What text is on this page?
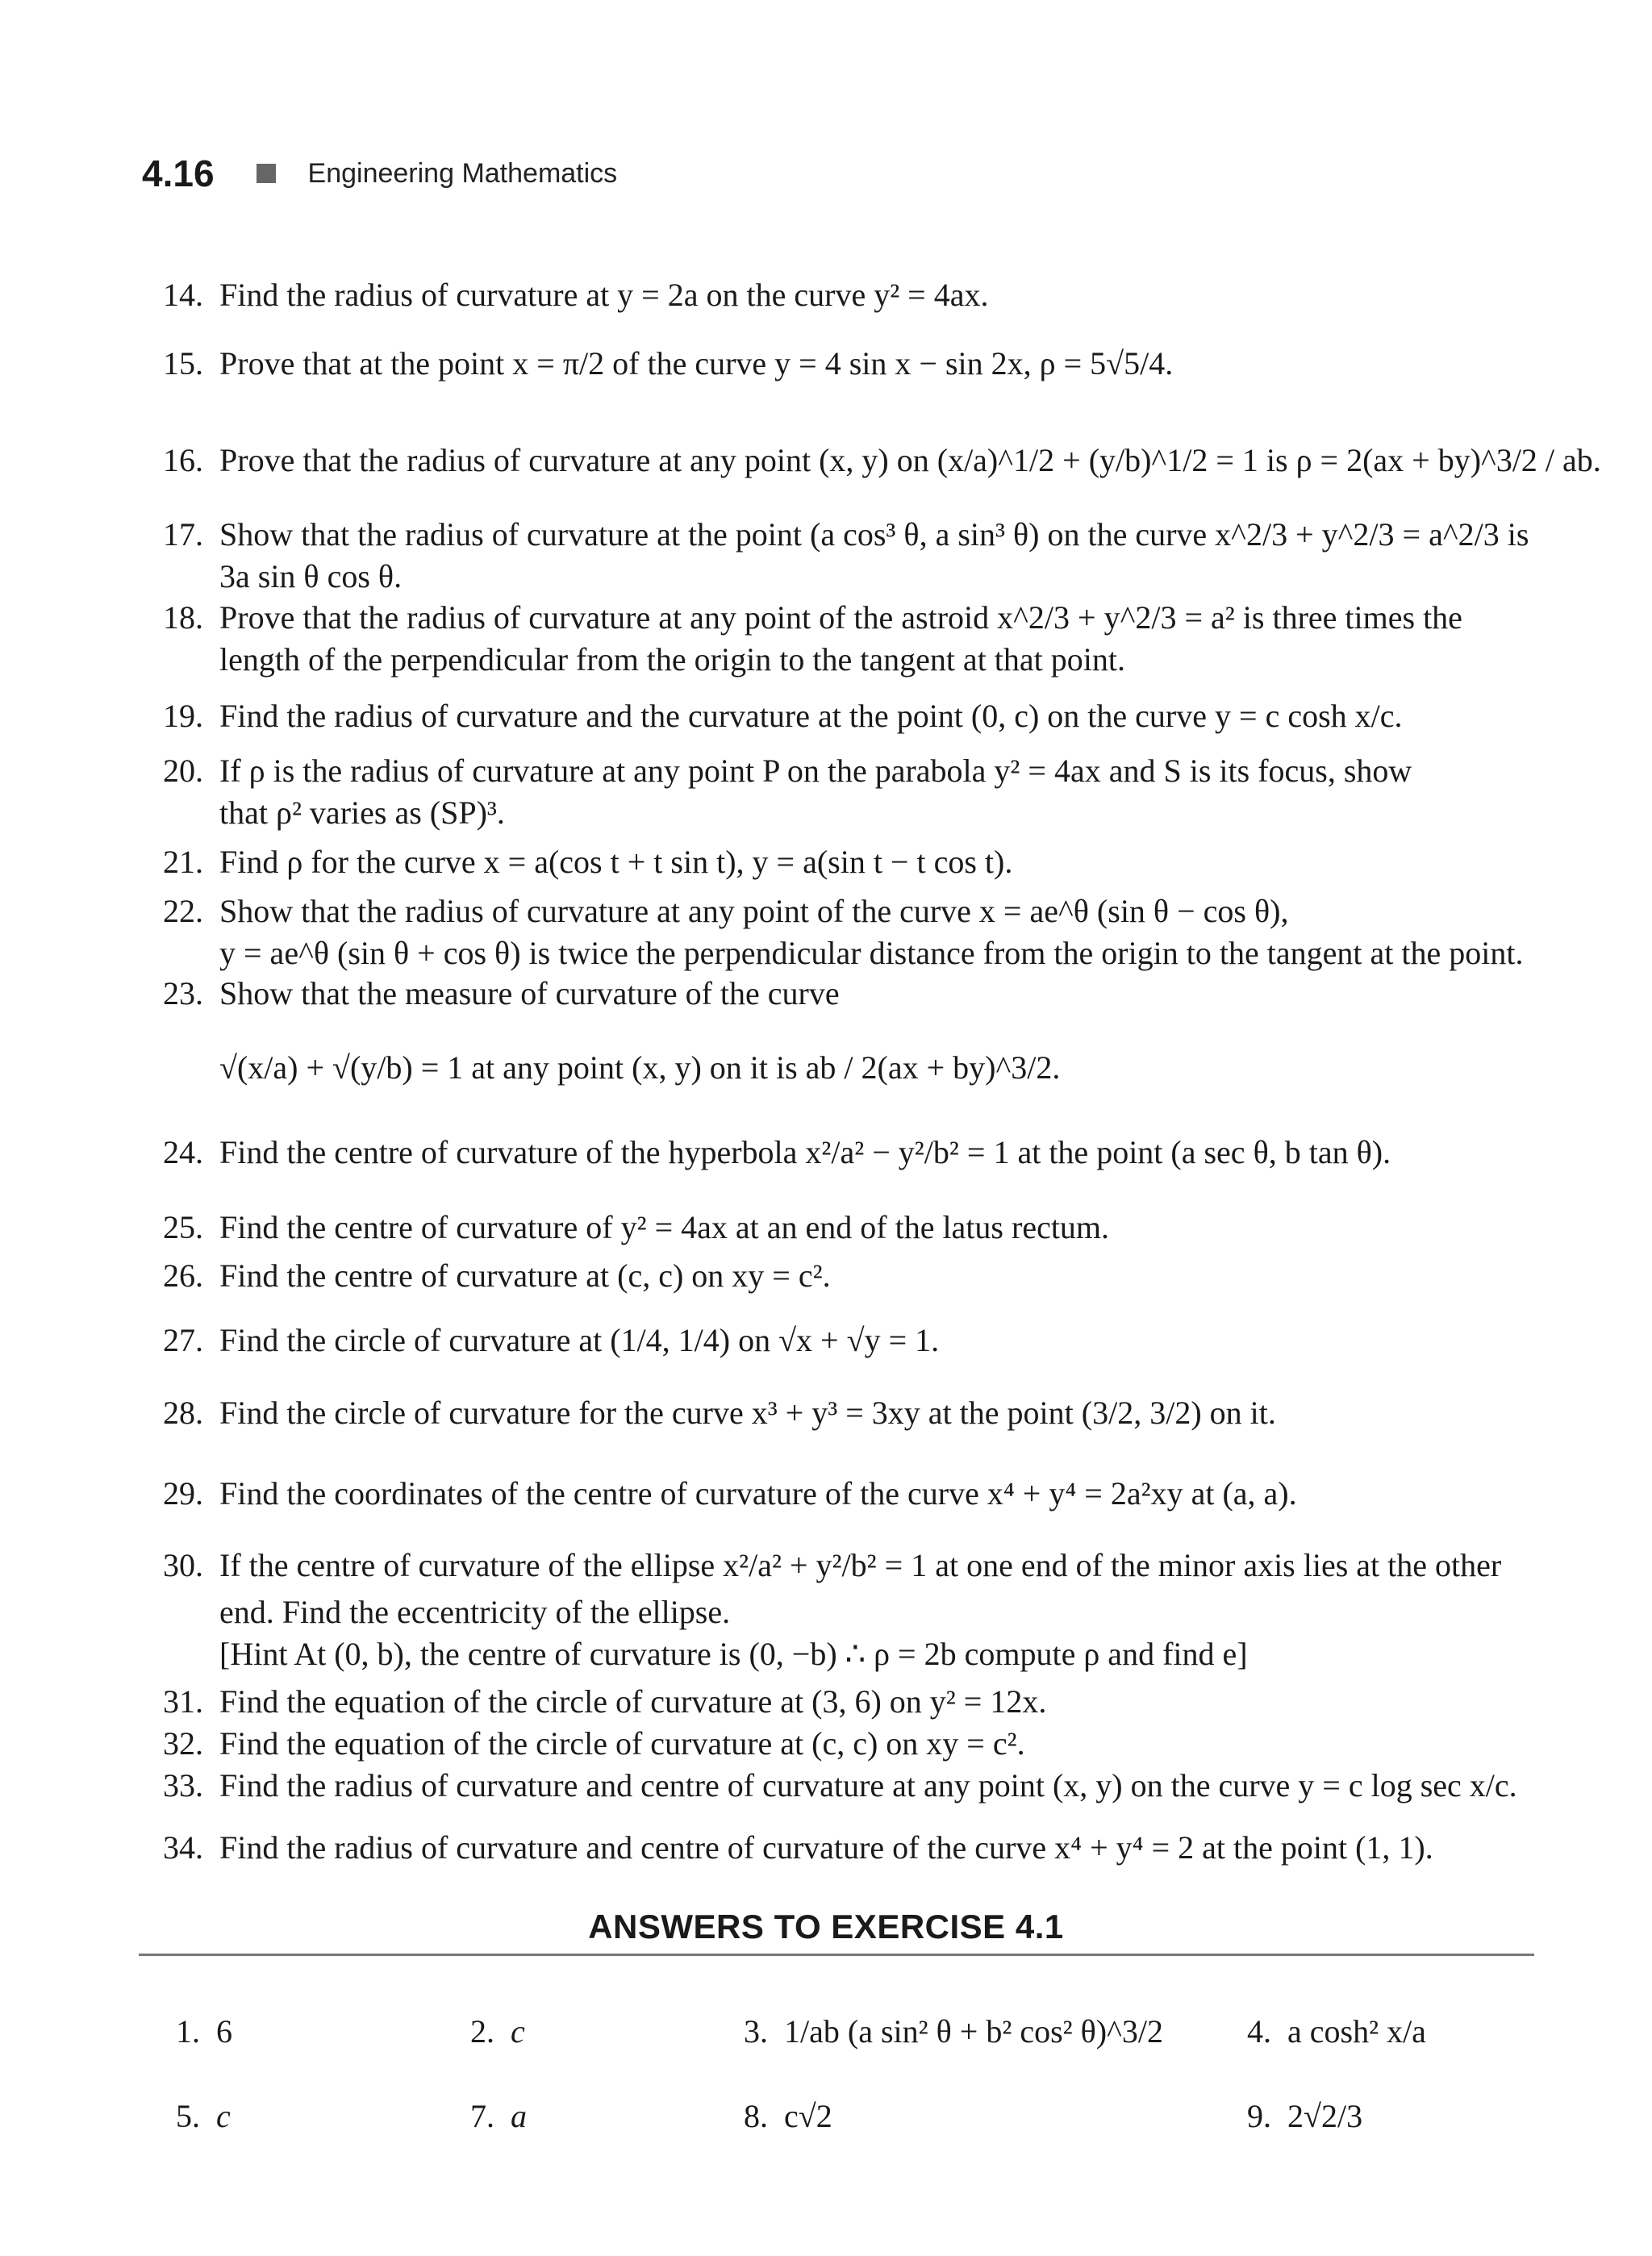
4.16	Engineering Mathematics
14. Find the radius of curvature at y = 2a on the curve y² = 4ax.
15. Prove that at the point x = π/2 of the curve y = 4 sin x − sin 2x, ρ = 5√5/4.
16. Prove that the radius of curvature at any point (x, y) on (x/a)^1/2 + (y/b)^1/2 = 1 is ρ = 2(ax + by)^3/2 / ab.
17. Show that the radius of curvature at the point (a cos³ θ, a sin³ θ) on the curve x^2/3 + y^2/3 = a^2/3 is
3a sin θ cos θ.
18. Prove that the radius of curvature at any point of the astroid x^2/3 + y^2/3 = a² is three times the
length of the perpendicular from the origin to the tangent at that point.
19. Find the radius of curvature and the curvature at the point (0, c) on the curve y = c cosh x/c.
20. If ρ is the radius of curvature at any point P on the parabola y² = 4ax and S is its focus, show
that ρ² varies as (SP)³.
21. Find ρ for the curve x = a(cos t + t sin t), y = a(sin t − t cos t).
22. Show that the radius of curvature at any point of the curve x = ae^θ (sin θ − cos θ),
y = ae^θ (sin θ + cos θ) is twice the perpendicular distance from the origin to the tangent at the point.
23. Show that the measure of curvature of the curve
√(x/a) + √(y/b) = 1 at any point (x, y) on it is ab / 2(ax + by)^3/2.
24. Find the centre of curvature of the hyperbola x²/a² − y²/b² = 1 at the point (a sec θ, b tan θ).
25. Find the centre of curvature of y² = 4ax at an end of the latus rectum.
26. Find the centre of curvature at (c, c) on xy = c².
27. Find the circle of curvature at (1/4, 1/4) on √x + √y = 1.
28. Find the circle of curvature for the curve x³ + y³ = 3xy at the point (3/2, 3/2) on it.
29. Find the coordinates of the centre of curvature of the curve x⁴ + y⁴ = 2a²xy at (a, a).
30. If the centre of curvature of the ellipse x²/a² + y²/b² = 1 at one end of the minor axis lies at the other
end. Find the eccentricity of the ellipse.
[Hint At (0, b), the centre of curvature is (0, −b) ∴ ρ = 2b compute ρ and find e]
31. Find the equation of the circle of curvature at (3, 6) on y² = 12x.
32. Find the equation of the circle of curvature at (c, c) on xy = c².
33. Find the radius of curvature and centre of curvature at any point (x, y) on the curve y = c log sec x/c.
34. Find the radius of curvature and centre of curvature of the curve x⁴ + y⁴ = 2 at the point (1, 1).
ANSWERS TO EXERCISE 4.1
1. 6	2. c	3. 1/ab (a sin² θ + b² cos² θ)^3/2	4. a cosh² x/a
5. c	7. a	8. c√2	9. 2√2/3
